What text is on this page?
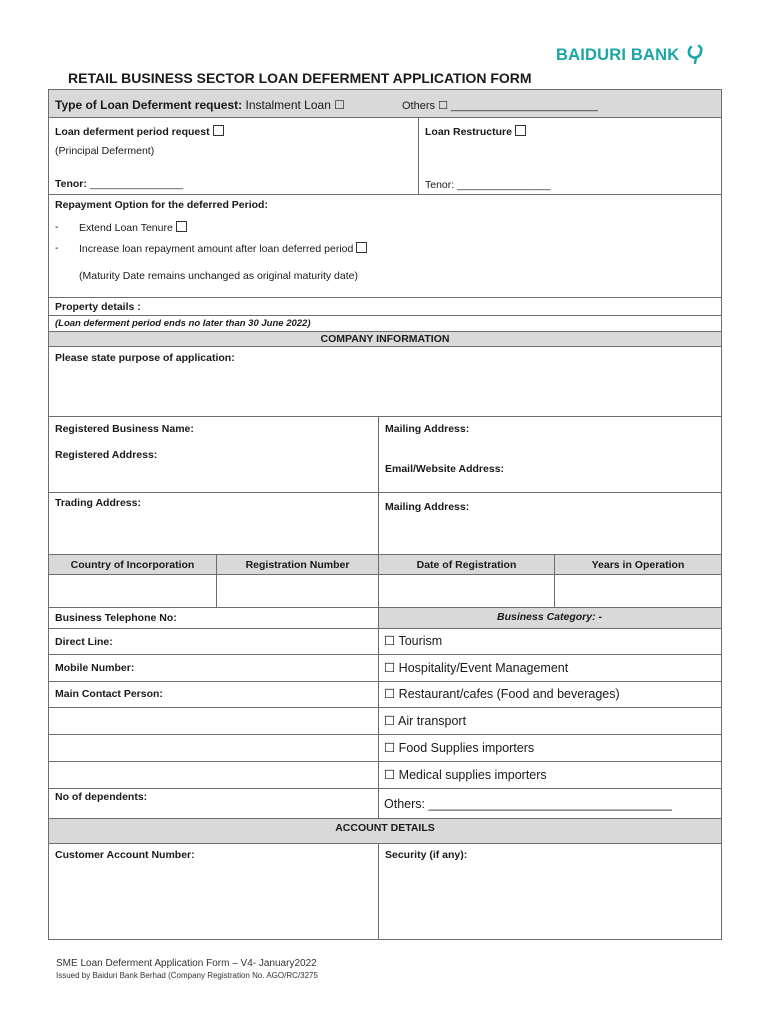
BAIDURI BANK
RETAIL BUSINESS SECTOR LOAN DEFERMENT APPLICATION FORM
Type of Loan Deferment request: Instalment Loan ☐	Others ☐ ________________________
Loan deferment period request
(Principal Deferment)
Tenor: ________________
Loan Restructure
Tenor: ________________
Repayment Option for the deferred Period:
- Extend Loan Tenure
- Increase loan repayment amount after loan deferred period
(Maturity Date remains unchanged as original maturity date)
Property details :
(Loan deferment period ends no later than 30 June 2022)
COMPANY INFORMATION
Please state purpose of application:
Registered Business Name:
Registered Address:
Mailing Address:
Email/Website Address:
Trading Address:	Mailing Address:
Country of Incorporation	Registration Number	Date of Registration	Years in Operation
Business Telephone No:
Direct Line:
Mobile Number:
Main Contact Person:
No of dependents:
Business Category: -
☐ Tourism
☐ Hospitality/Event Management
☐ Restaurant/cafes (Food and beverages)
☐ Air transport
☐ Food Supplies importers
☐ Medical supplies importers
Others: ___________________________________
ACCOUNT DETAILS
Customer Account Number:	Security (if any):
SME Loan Deferment Application Form – V4- January2022
Issued by Baiduri Bank Berhad (Company Registration No. AGO/RC/3275
